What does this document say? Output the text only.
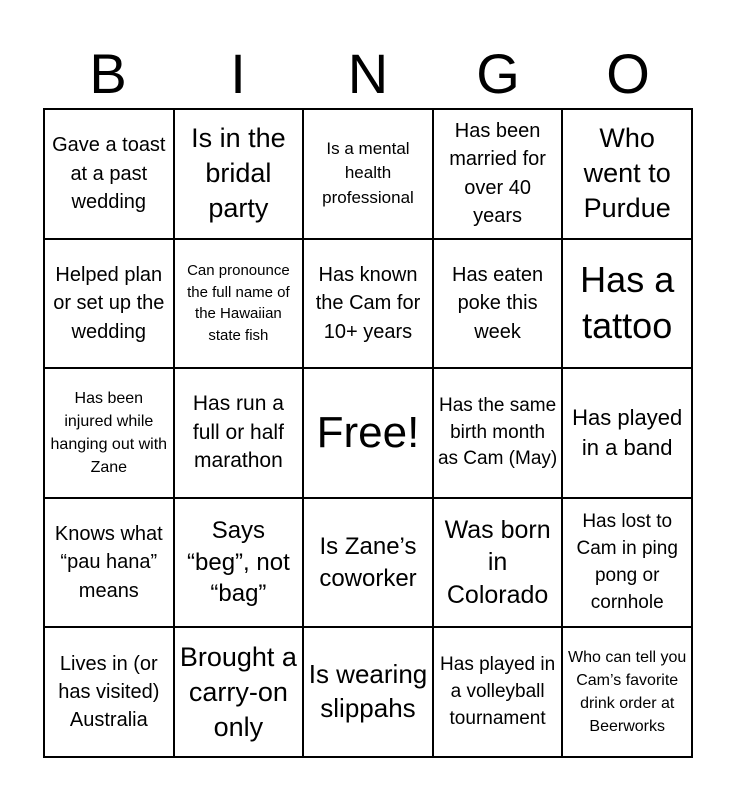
B	I	N	G	O
Gave a toast at a past wedding
Is in the bridal party
Is a mental health professional
Has been married for over 40 years
Who went to Purdue
Helped plan or set up the wedding
Can pronounce the full name of the Hawaiian state fish
Has known the Cam for 10+ years
Has eaten poke this week
Has a tattoo
Has been injured while hanging out with Zane
Has run a full or half marathon
Free!
Has the same birth month as Cam (May)
Has played in a band
Knows what “pau hana” means
Says “beg”, not “bag”
Is Zane’s coworker
Was born in Colorado
Has lost to Cam in ping pong or cornhole
Lives in (or has visited) Australia
Brought a carry-on only
Is wearing slippahs
Has played in a volleyball tournament
Who can tell you Cam’s favorite drink order at Beerworks
